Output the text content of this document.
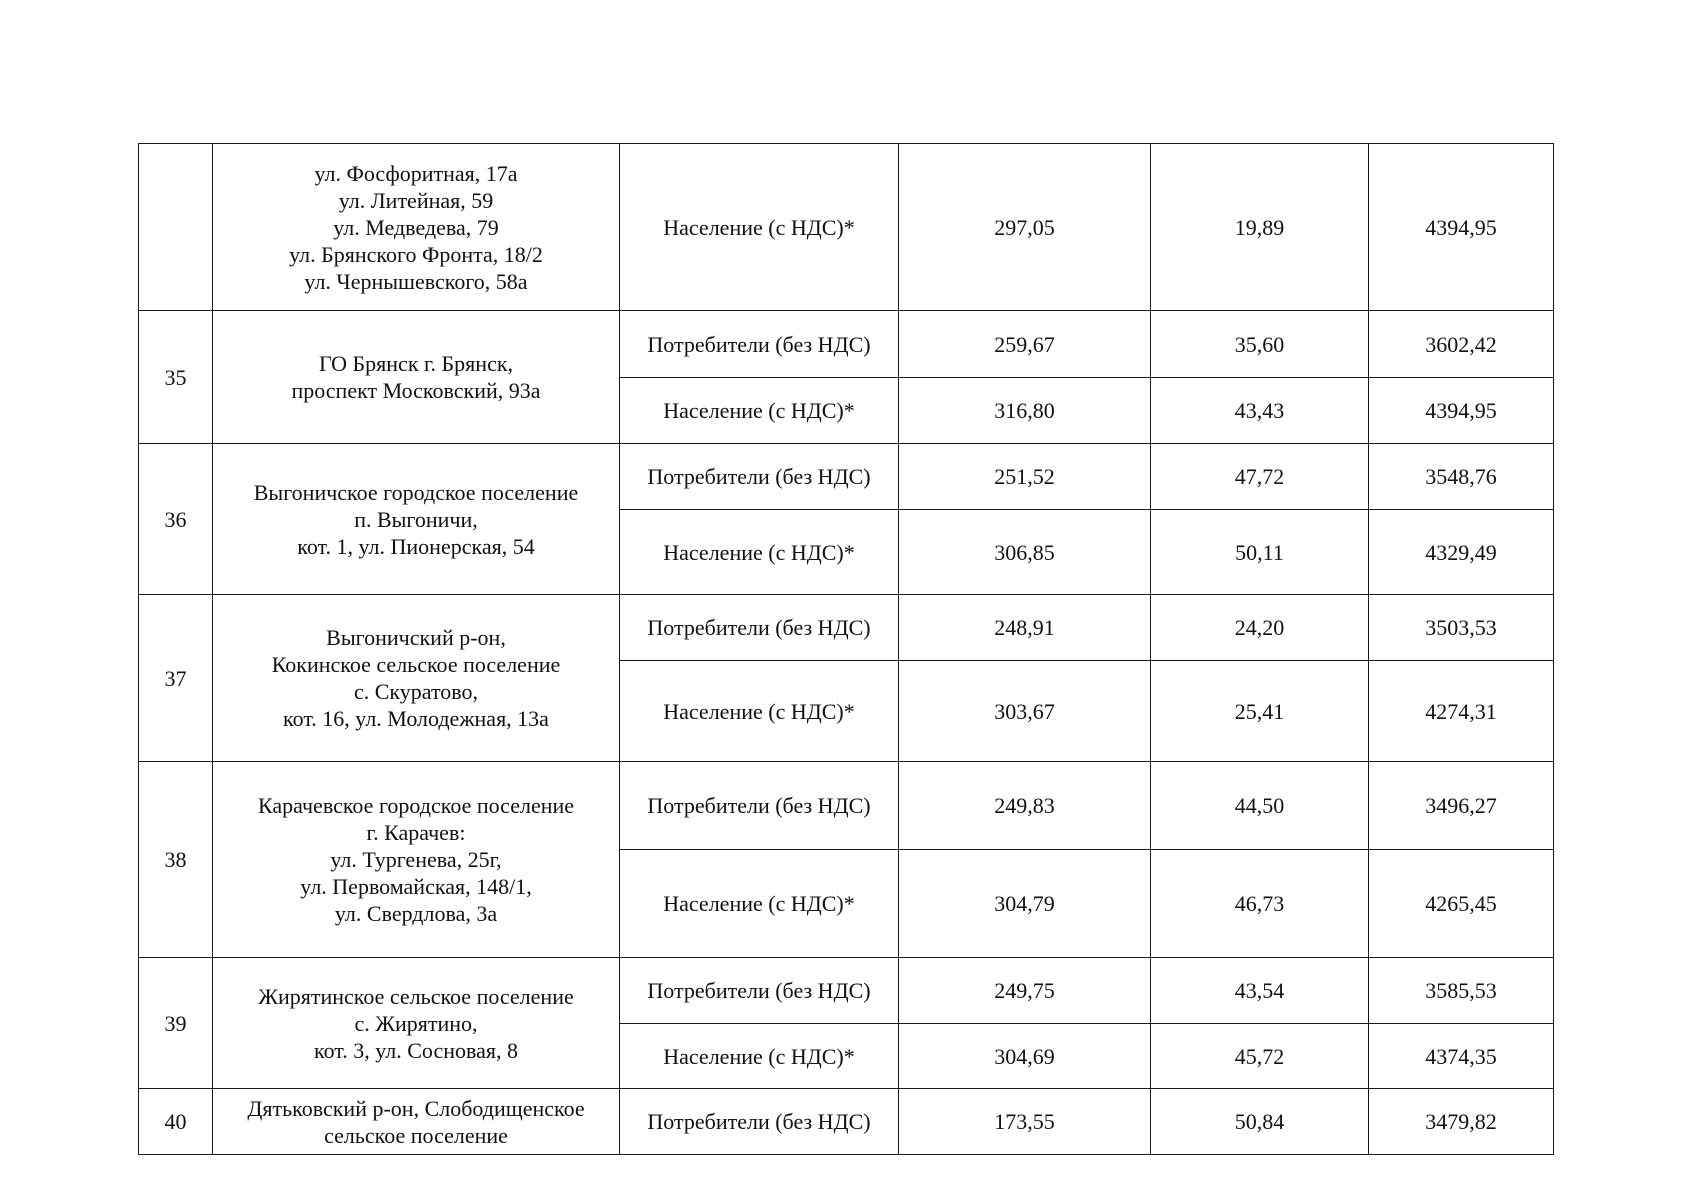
	ул. Фосфоритная, 17а
ул. Литейная, 59
ул. Медведева, 79
ул. Брянского Фронта, 18/2
ул. Чернышевского, 58а	Население (с НДС)*	297,05	19,89	4394,95
35	ГО Брянск г. Брянск,
проспект Московский, 93а	Потребители (без НДС)	259,67	35,60	3602,42
		Население (с НДС)*	316,80	43,43	4394,95
36	Выгоничское городское поселение
п. Выгоничи,
кот. 1, ул. Пионерская, 54	Потребители (без НДС)	251,52	47,72	3548,76
		Население (с НДС)*	306,85	50,11	4329,49
37	Выгоничский р-он,
Кокинское сельское поселение
с. Скуратово,
кот. 16, ул. Молодежная, 13а	Потребители (без НДС)	248,91	24,20	3503,53
		Население (с НДС)*	303,67	25,41	4274,31
38	Карачевское городское поселение
г. Карачев:
ул. Тургенева, 25г,
ул. Первомайская, 148/1,
ул. Свердлова, 3а	Потребители (без НДС)	249,83	44,50	3496,27
		Население (с НДС)*	304,79	46,73	4265,45
39	Жирятинское сельское поселение
с. Жирятино,
кот. 3, ул. Сосновая, 8	Потребители (без НДС)	249,75	43,54	3585,53
		Население (с НДС)*	304,69	45,72	4374,35
40	Дятьковский р-он, Слободищенское
сельское поселение	Потребители (без НДС)	173,55	50,84	3479,82
